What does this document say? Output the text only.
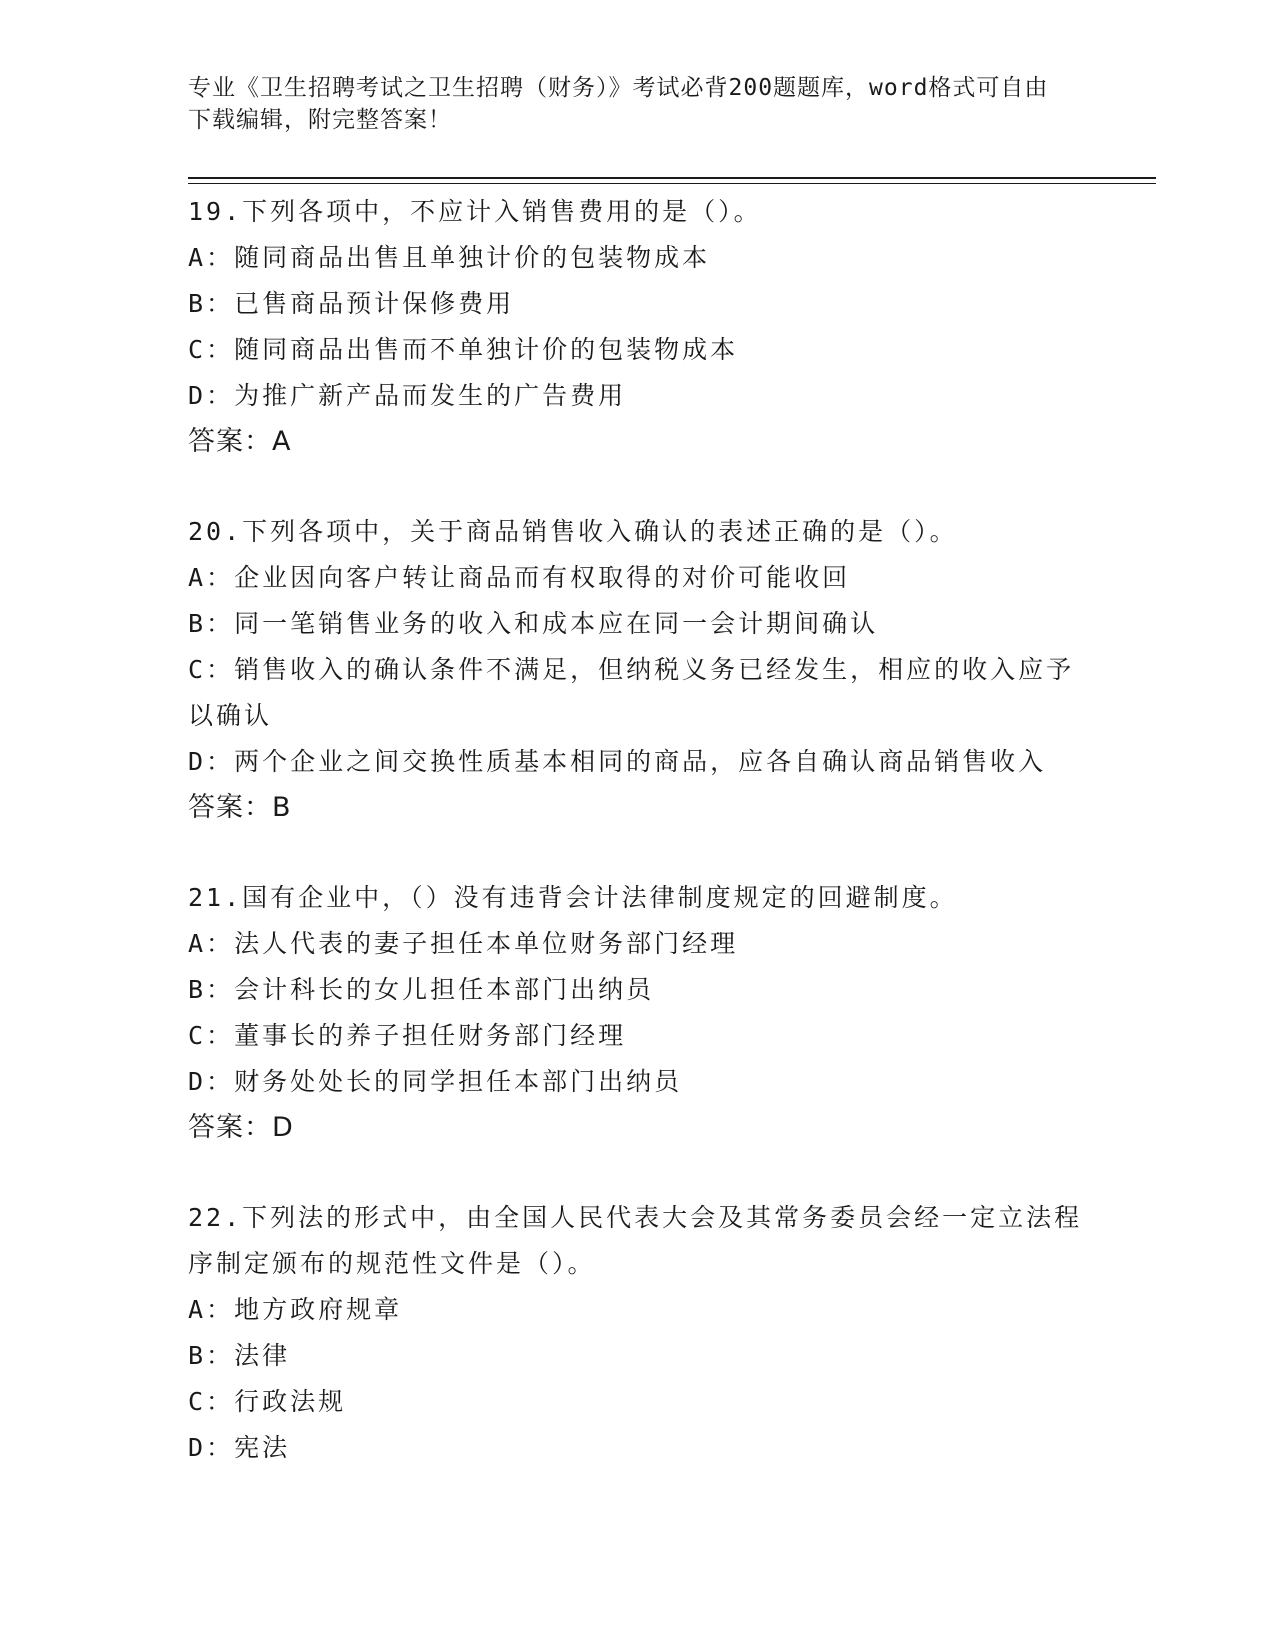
专业《卫生招聘考试之卫生招聘（财务）》考试必背200题题库，word格式可自由下载编辑，附完整答案！
19.下列各项中，不应计入销售费用的是（）。
A： 随同商品出售且单独计价的包装物成本
B： 已售商品预计保修费用
C： 随同商品出售而不单独计价的包装物成本
D： 为推广新产品而发生的广告费用
答案：A
20.下列各项中，关于商品销售收入确认的表述正确的是（）。
A： 企业因向客户转让商品而有权取得的对价可能收回
B： 同一笔销售业务的收入和成本应在同一会计期间确认
C：销售收入的确认条件不满足，但纳税义务已经发生，相应的收入应予以确认
D： 两个企业之间交换性质基本相同的商品，应各自确认商品销售收入
答案：B
21.国有企业中，（）没有违背会计法律制度规定的回避制度。
A： 法人代表的妻子担任本单位财务部门经理
B： 会计科长的女儿担任本部门出纳员
C： 董事长的养子担任财务部门经理
D： 财务处处长的同学担任本部门出纳员
答案：D
22.下列法的形式中，由全国人民代表大会及其常务委员会经一定立法程序制定颁布的规范性文件是（）。
A： 地方政府规章
B： 法律
C： 行政法规
D： 宪法
